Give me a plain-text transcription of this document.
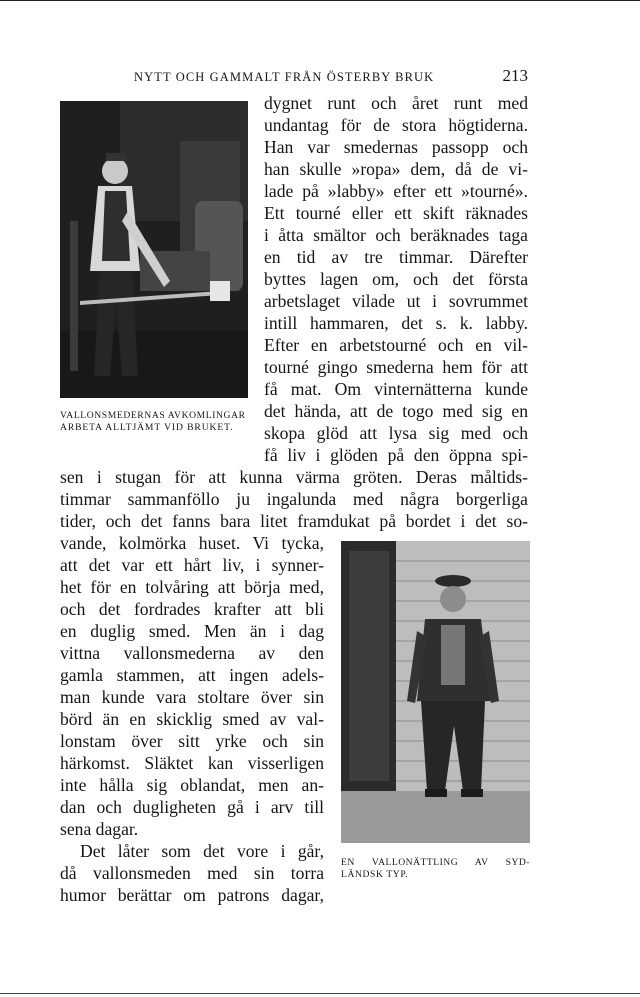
NYTT OCH GAMMALT FRÅN ÖSTERBY BRUK	213
VALLONSMEDERNAS AVKOMLINGAR
ARBETA ALLTJÄMT VID BRUKET.
EN VALLONÄTTLING AV SYD-
LÄNDSK TYP.
dygnet runt och året runt med
undantag för de stora högtiderna.
Han var smedernas passopp och
han skulle »ropa» dem, då de vi-
lade på »labby» efter ett »tourné».
Ett tourné eller ett skift räknades
i åtta smältor och beräknades taga
en tid av tre timmar. Därefter
byttes lagen om, och det första
arbetslaget vilade ut i sovrummet
intill hammaren, det s. k. labby.
Efter en arbetstourné och en vil-
tourné gingo smederna hem för att
få mat. Om vinternätterna kunde
det hända, att de togo med sig en
skopa glöd att lysa sig med och
få liv i glöden på den öppna spi-
sen i stugan för att kunna värma gröten. Deras måltids-
timmar sammanföllo ju ingalunda med några borgerliga
tider, och det fanns bara litet framdukat på bordet i det so-
vande, kolmörka huset. Vi tycka,
att det var ett hårt liv, i synner-
het för en tolvåring att börja med,
och det fordrades krafter att bli
en duglig smed. Men än i dag
vittna vallonsmederna av den
gamla stammen, att ingen adels-
man kunde vara stoltare över sin
börd än en skicklig smed av val-
lonstam över sitt yrke och sin
härkomst. Släktet kan visserligen
inte hålla sig oblandat, men an-
dan och dugligheten gå i arv till
sena dagar.
Det låter som det vore i går,
då vallonsmeden med sin torra
humor berättar om patrons dagar,
